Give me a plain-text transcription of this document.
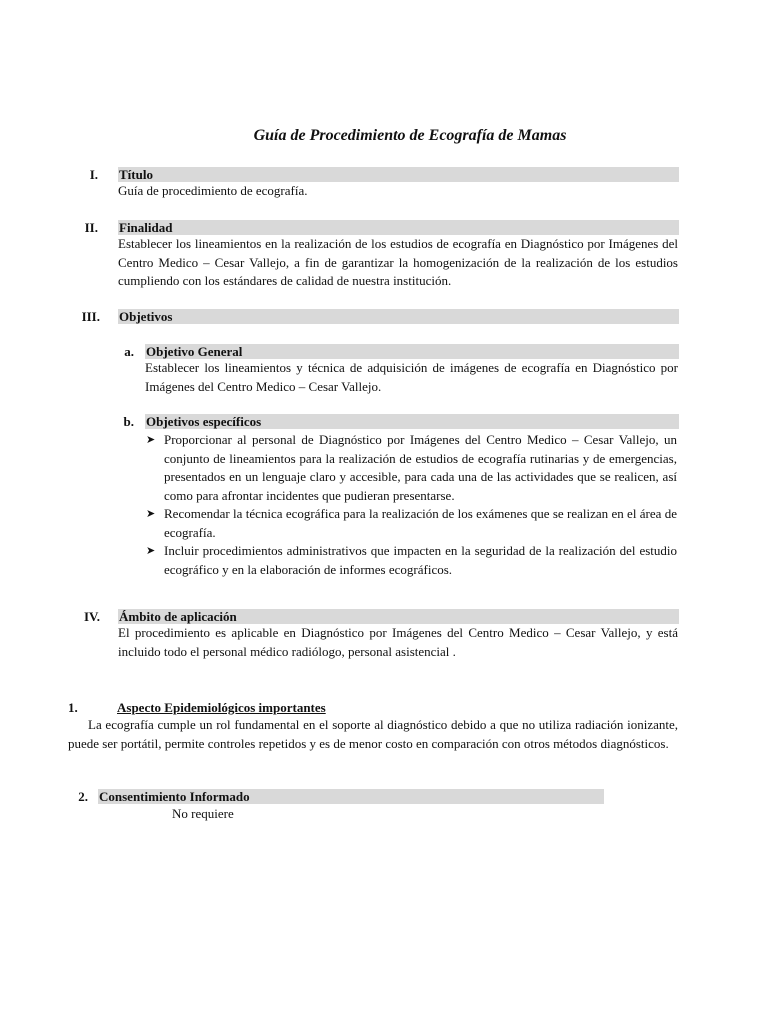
Guía de Procedimiento de Ecografía de Mamas
I. Título
Guía de procedimiento de ecografía.
II. Finalidad
Establecer los lineamientos en la realización de los estudios de ecografía en Diagnóstico por Imágenes del Centro Medico – Cesar Vallejo, a fin de garantizar la homogenización de la realización de los estudios cumpliendo con los estándares de calidad de nuestra institución.
III. Objetivos
a. Objetivo General
Establecer los lineamientos y técnica de adquisición de imágenes de ecografía en Diagnóstico por Imágenes del Centro Medico – Cesar Vallejo.
b. Objetivos específicos
➤ Proporcionar al personal de Diagnóstico por Imágenes del Centro Medico – Cesar Vallejo, un conjunto de lineamientos para la realización de estudios de ecografía rutinarias y de emergencias, presentados en un lenguaje claro y accesible, para cada una de las actividades que se realicen, así como para afrontar incidentes que pudieran presentarse.
➤ Recomendar la técnica ecográfica para la realización de los exámenes que se realizan en el área de ecografía.
➤ Incluir procedimientos administrativos que impacten en la seguridad de la realización del estudio ecográfico y en la elaboración de informes ecográficos.
IV. Ámbito de aplicación
El procedimiento es aplicable en Diagnóstico por Imágenes del Centro Medico – Cesar Vallejo, y está incluido todo el personal médico radiólogo, personal asistencial .
1.	Aspecto Epidemiológicos importantes
La ecografía cumple un rol fundamental en el soporte al diagnóstico debido a que no utiliza radiación ionizante, puede ser portátil, permite controles repetidos y es de menor costo en comparación con otros métodos diagnósticos.
2. Consentimiento Informado
No requiere
